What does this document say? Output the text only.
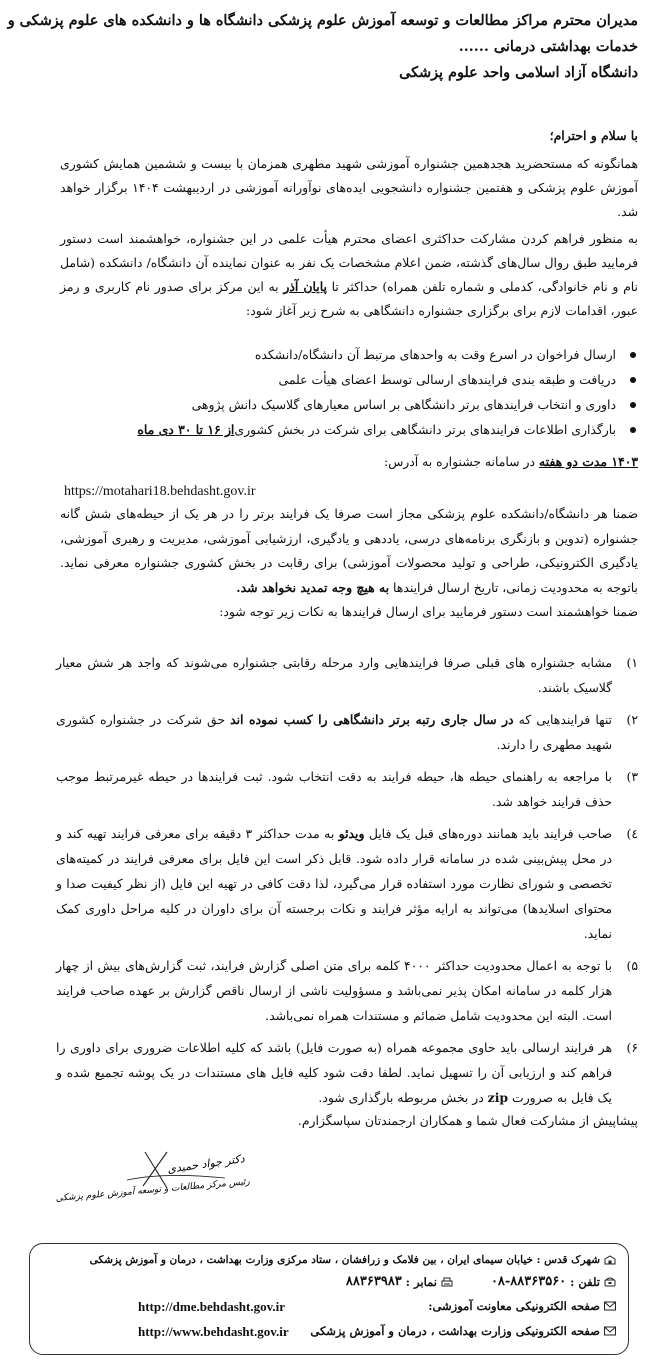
مدیران محترم مراکز مطالعات و توسعه آموزش علوم پزشکی دانشگاه ها و دانشکده های علوم پزشکی و
خدمات بهداشتی درمانی ......
دانشگاه آزاد اسلامی واحد علوم پزشکی
با سلام و احترام؛

همانگونه که مستحضرید هجدهمین جشنواره آموزشی شهید مطهری همزمان با بیست و ششمین همایش کشوری آموزش علوم پزشکی و هفتمین جشنواره دانشجویی ایده‌های نوآورانه آموزشی در اردیبهشت ۱۴۰۴ برگزار خواهد شد.

به منظور فراهم کردن مشارکت حداکثری اعضای محترم هیأت علمی در این جشنواره، خواهشمند است دستور فرمایید طبق روال سال‌های گذشته، ضمن اعلام مشخصات یک نفر به عنوان نماینده آن دانشگاه/ دانشکده (شامل نام و نام خانوادگی، کدملی و شماره تلفن همراه) حداکثر تا پایان آذر به این مرکز برای صدور نام کاربری و رمز عبور، اقدامات لازم برای برگزاری جشنواره دانشگاهی به شرح زیر آغاز شود:

ارسال فراخوان در اسرع وقت به واحدهای مرتبط آن دانشگاه/دانشکده
دریافت و طبقه بندی فرایندهای ارسالی توسط اعضای هیأت علمی
داوری و انتخاب فرایندهای برتر دانشگاهی بر اساس معیارهای گلاسیک دانش پژوهی
بارگذاری اطلاعات فرایندهای برتر دانشگاهی برای شرکت در بخش کشوری
از ۱۶ تا ۳۰ دی ماه
۱۴۰۳ مدت دو هفته در سامانه جشنواره به آدرس:
https://motahari18.behdasht.gov.ir
ضمنا هر دانشگاه/دانشکده علوم پزشکی مجاز است صرفا یک فرایند برتر را در هر یک از حیطه‌های شش گانه جشنواره (تدوین و بازنگری برنامه‌های درسی، یاددهی و یادگیری، ارزشیابی آموزشی، مدیریت و رهبری آموزشی، یادگیری الکترونیکی، طراحی و تولید محصولات آموزشی) برای رقابت در بخش کشوری جشنواره معرفی نماید. باتوجه به محدودیت زمانی، تاریخ ارسال فرایندها به هیچ وجه تمدید نخواهد شد.
ضمنا خواهشمند است دستور فرمایید برای ارسال فرایندها به نکات زیر توجه شود:
۱)
مشابه جشنواره های قبلی صرفا فرایندهایی وارد مرحله رقابتی جشنواره می‌شوند که واجد هر شش معیار گلاسیک باشند.
۲)
تنها فرایندهایی که در سال جاری رتبه برتر دانشگاهی را کسب نموده اند حق شرکت در جشنواره کشوری شهید مطهری را دارند.
۳)
با مراجعه به راهنمای حیطه ها، حیطه فرایند به دقت انتخاب شود. ثبت فرایندها در حیطه غیرمرتبط موجب حذف فرایند خواهد شد.
٤)
صاحب فرایند باید همانند دوره‌های قبل یک فایل ویدئو به مدت حداکثر ۳ دقیقه برای معرفی فرایند تهیه کند و در محل پیش‌بینی شده در سامانه قرار داده شود. قابل ذکر است این فایل برای معرفی فرایند در کمیته‌های تخصصی و شورای نظارت مورد استفاده قرار می‌گیرد، لذا دقت کافی در تهیه این فایل (از نظر کیفیت صدا و محتوای اسلایدها) می‌تواند به ارایه مؤثر فرایند و نکات برجسته آن برای داوران در کلیه مراحل داوری کمک نماید.
۵)
با توجه به اعمال محدودیت حداکثر ۴۰۰۰ کلمه برای متن اصلی گزارش فرایند، ثبت گزارش‌های بیش از چهار هزار کلمه در سامانه امکان پذیر نمی‌باشد و مسؤولیت ناشی از ارسال ناقص گزارش بر عهده صاحب فرایند است. البته این محدودیت شامل ضمائم و مستندات همراه نمی‌باشد.
۶)
هر فرایند ارسالی باید حاوی مجموعه همراه (به صورت فایل) باشد که کلیه اطلاعات ضروری برای داوری را فراهم کند و ارزیابی آن را تسهیل نماید. لطفا دقت شود کلیه فایل های مستندات در یک پوشه تجمیع شده و یک فایل به صرورت zip در بخش مربوطه بارگذاری شود.
پیشاپیش از مشارکت فعال شما و همکاران ارجمندتان سپاسگزارم.
دکتر جواد حمیدی
رئیس مرکز مطالعات و توسعه آموزش علوم پزشکی
شهرک قدس : خیابان سیمای ایران ، بین فلامک و زرافشان ، ستاد مرکزی وزارت بهداشت ، درمان و آموزش پزشکی
تلفن :
۰۸-۸۸۳۶۳۵۶۰
نمابر :
۸۸۳۶۳۹۸۳
صفحه الکترونیکی معاونت آموزشی:
http://dme.behdasht.gov.ir
صفحه الکترونیکی وزارت بهداشت ، درمان و آموزش پزشکی
http://www.behdasht.gov.ir
